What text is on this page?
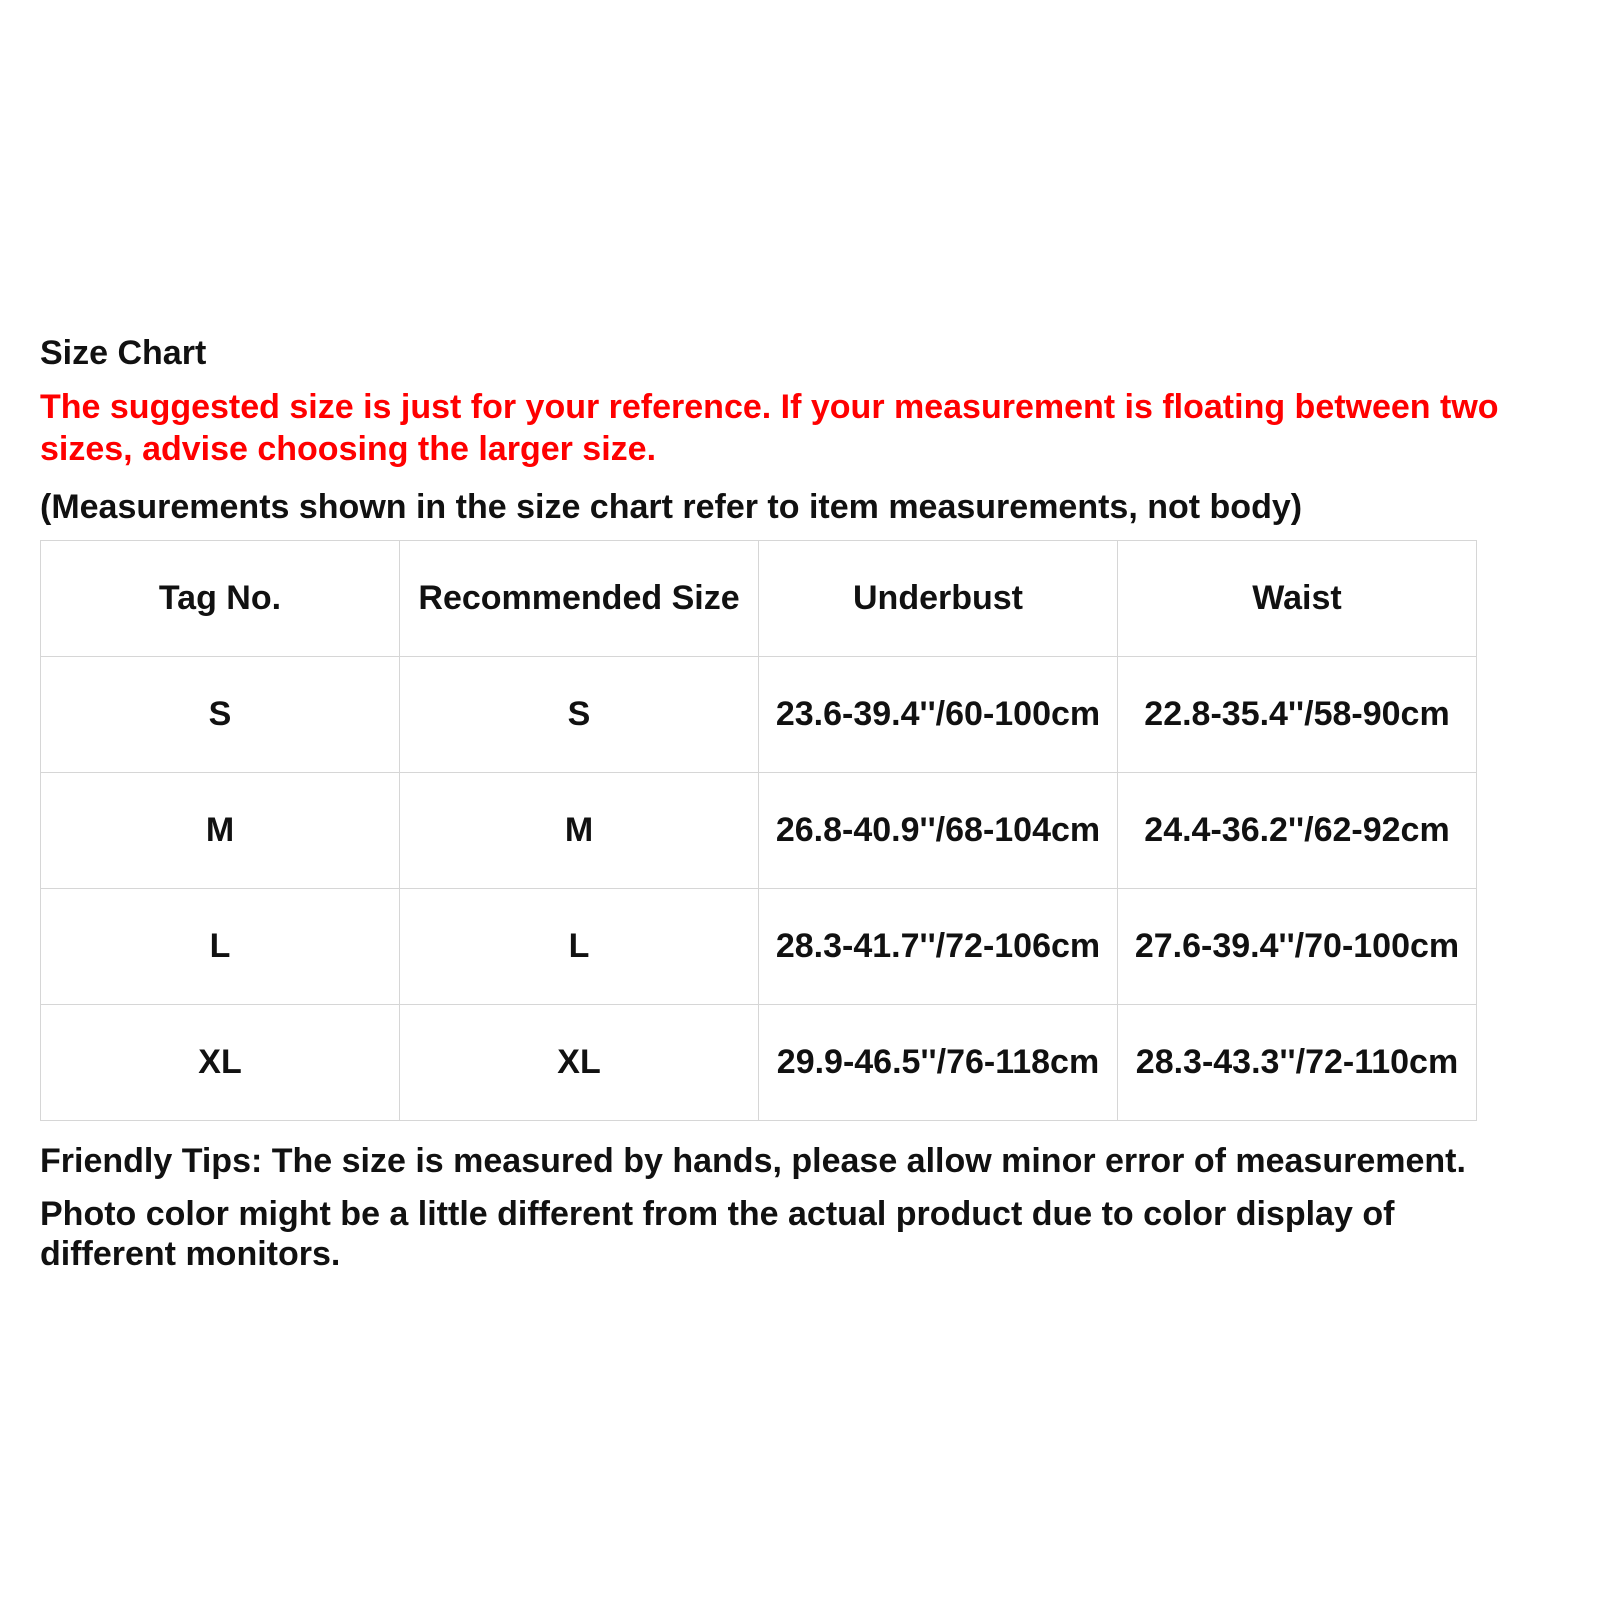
Size Chart
The suggested size is just for your reference. If your measurement is floating between two sizes, advise choosing the larger size.
(Measurements shown in the size chart refer to item measurements, not body)
Tag No.	Recommended Size	Underbust	Waist
S	S	23.6-39.4''/60-100cm	22.8-35.4''/58-90cm
M	M	26.8-40.9''/68-104cm	24.4-36.2''/62-92cm
L	L	28.3-41.7''/72-106cm	27.6-39.4''/70-100cm
XL	XL	29.9-46.5''/76-118cm	28.3-43.3''/72-110cm
Friendly Tips: The size is measured by hands, please allow minor error of measurement.
Photo color might be a little different from the actual product due to color display of different monitors.
